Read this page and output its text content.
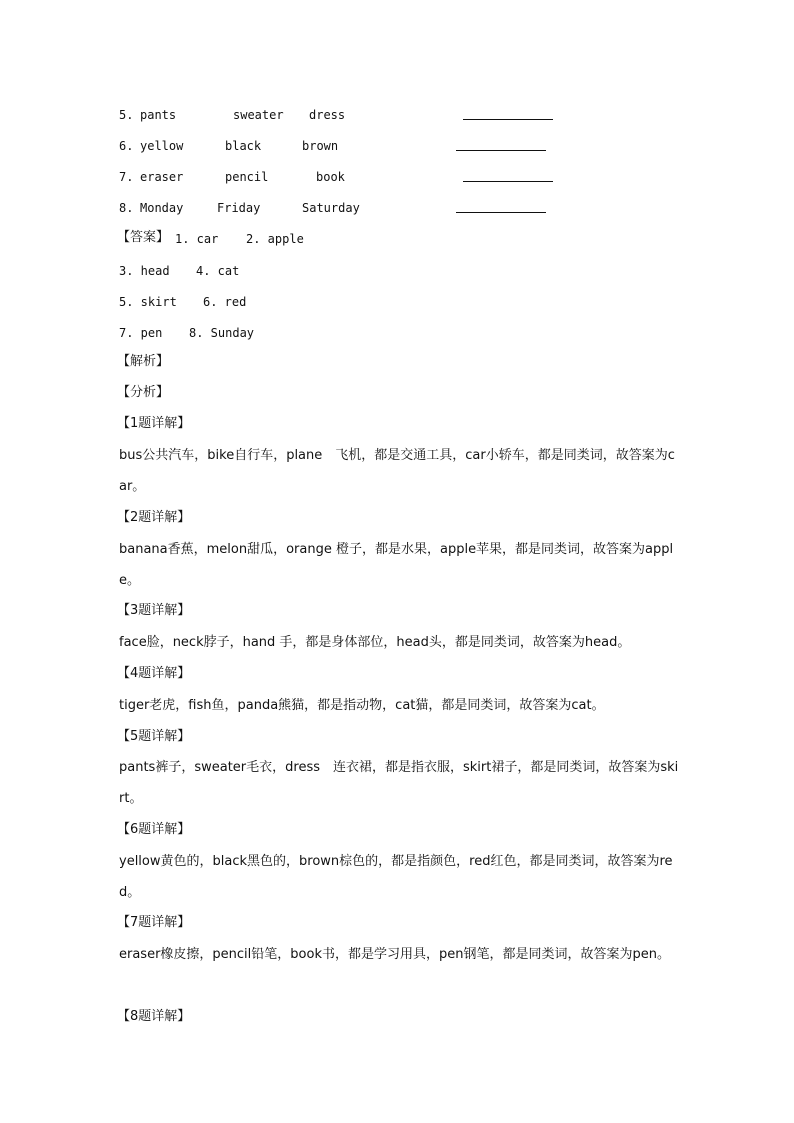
5. pants	sweater dress
6. yellow	black	brown
7. eraser	pencil	book
8. Monday	Friday	Saturday
【答案】 1. car 2. apple
3. head 4. cat
5. skirt 6. red
7. pen 8. Sunday
【解析】
【分析】
【1题详解】
bus公共汽车，bike自行车，plane　飞机，都是交通工具，car小轿车，都是同类词，故答案为car。
【2题详解】
banana香蕉，melon甜瓜，orange 橙子，都是水果，apple苹果，都是同类词，故答案为apple。
【3题详解】
face脸，neck脖子，hand 手，都是身体部位，head头，都是同类词，故答案为head。
【4题详解】
tiger老虎，fish鱼，panda熊猫，都是指动物，cat猫，都是同类词，故答案为cat。
【5题详解】
pants裤子，sweater毛衣，dress　连衣裙，都是指衣服，skirt裙子，都是同类词，故答案为skirt。
【6题详解】
yellow黄色的，black黑色的，brown棕色的，都是指颜色，red红色，都是同类词，故答案为red。
【7题详解】
eraser橡皮擦，pencil铅笔，book书，都是学习用具，pen钢笔，都是同类词，故答案为pen。
【8题详解】
